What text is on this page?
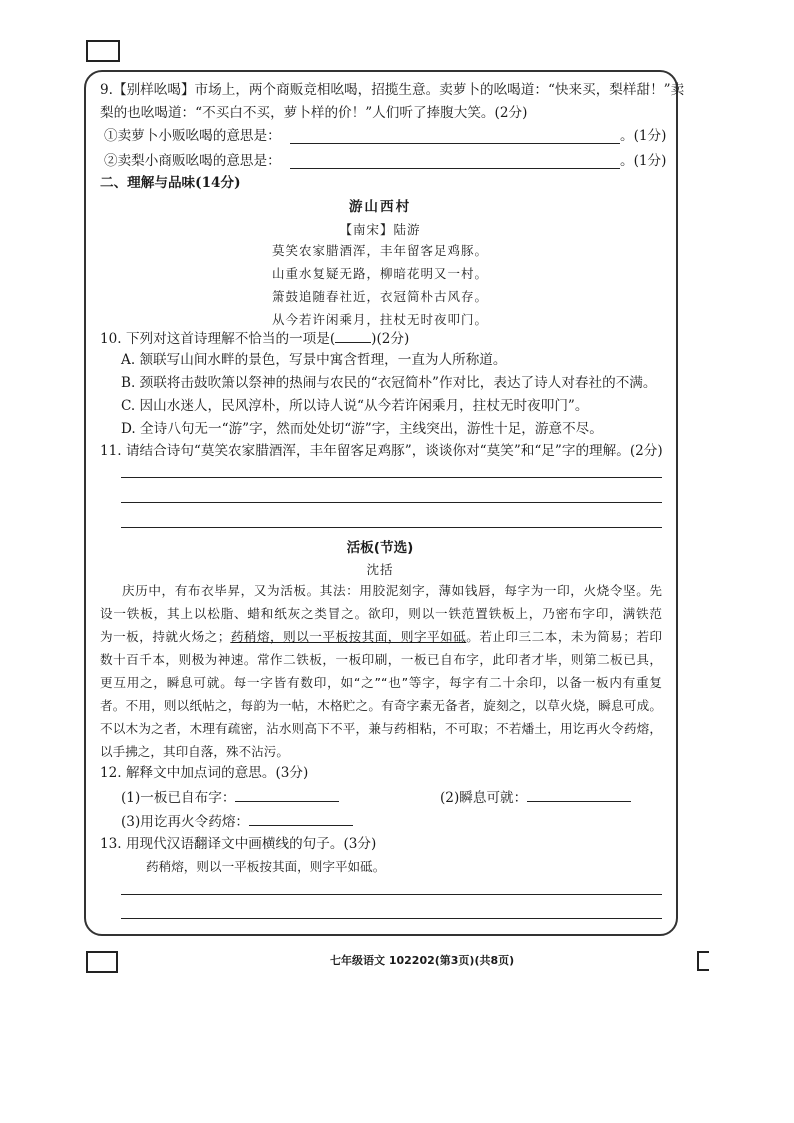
9.【别样吆喝】市场上，两个商贩竞相吆喝，招揽生意。卖萝卜的吆喝道：“快来买，梨样甜！”卖
梨的也吆喝道：“不买白不买，萝卜样的价！”人们听了捧腹大笑。(2分)
①卖萝卜小贩吆喝的意思是：	。(1分)
②卖梨小商贩吆喝的意思是：	。(1分)
二、理解与品味(14分)
游山西村
【南宋】陆游
莫笑农家腊酒浑，丰年留客足鸡豚。
山重水复疑无路，柳暗花明又一村。
箫鼓追随春社近，衣冠简朴古风存。
从今若许闲乘月，拄杖无时夜叩门。
10. 下列对这首诗理解不恰当的一项是(	)(2分)
A. 颔联写山间水畔的景色，写景中寓含哲理，一直为人所称道。
B. 颈联将击鼓吹箫以祭神的热闹与农民的“衣冠简朴”作对比，表达了诗人对春社的不满。
C. 因山水迷人，民风淳朴，所以诗人说“从今若许闲乘月，拄杖无时夜叩门”。
D. 全诗八句无一“游”字，然而处处切“游”字，主线突出，游性十足，游意不尽。
11. 请结合诗句“莫笑农家腊酒浑，丰年留客足鸡豚”，谈谈你对“莫笑”和“足”字的理解。(2分)
活板(节选)
沈括
庆历中，有布衣毕昇，又为活板。其法：用胶泥刻字，薄如钱唇，每字为一印，火烧令坚。先
设一铁板，其上以松脂、蜡和纸灰之类冒之。欲印，则以一铁范置铁板上，乃密布字印，满铁范
为一板，持就火炀之；药稍熔，则以一平板按其面，则字平如砥。若止印三二本，未为简易；若印
数十百千本，则极为神速。常作二铁板，一板印刷，一板已自布字，此印者才毕，则第二板已具，
更互用之，瞬息可就。每一字皆有数印，如“之”“也”等字，每字有二十余印，以备一板内有重复
者。不用，则以纸帖之，每韵为一帖，木格贮之。有奇字素无备者，旋刻之，以草火烧，瞬息可成。
不以木为之者，木理有疏密，沾水则高下不平，兼与药相粘，不可取；不若燔土，用讫再火令药熔，
以手拂之，其印自落，殊不沾污。
12. 解释文中加点词的意思。(3分)
(1)一板已自布字：	(2)瞬息可就：
(3)用讫再火令药熔：
13. 用现代汉语翻译文中画横线的句子。(3分)
药稍熔，则以一平板按其面，则字平如砥。
七年级语文 102202(第3页)(共8页)
